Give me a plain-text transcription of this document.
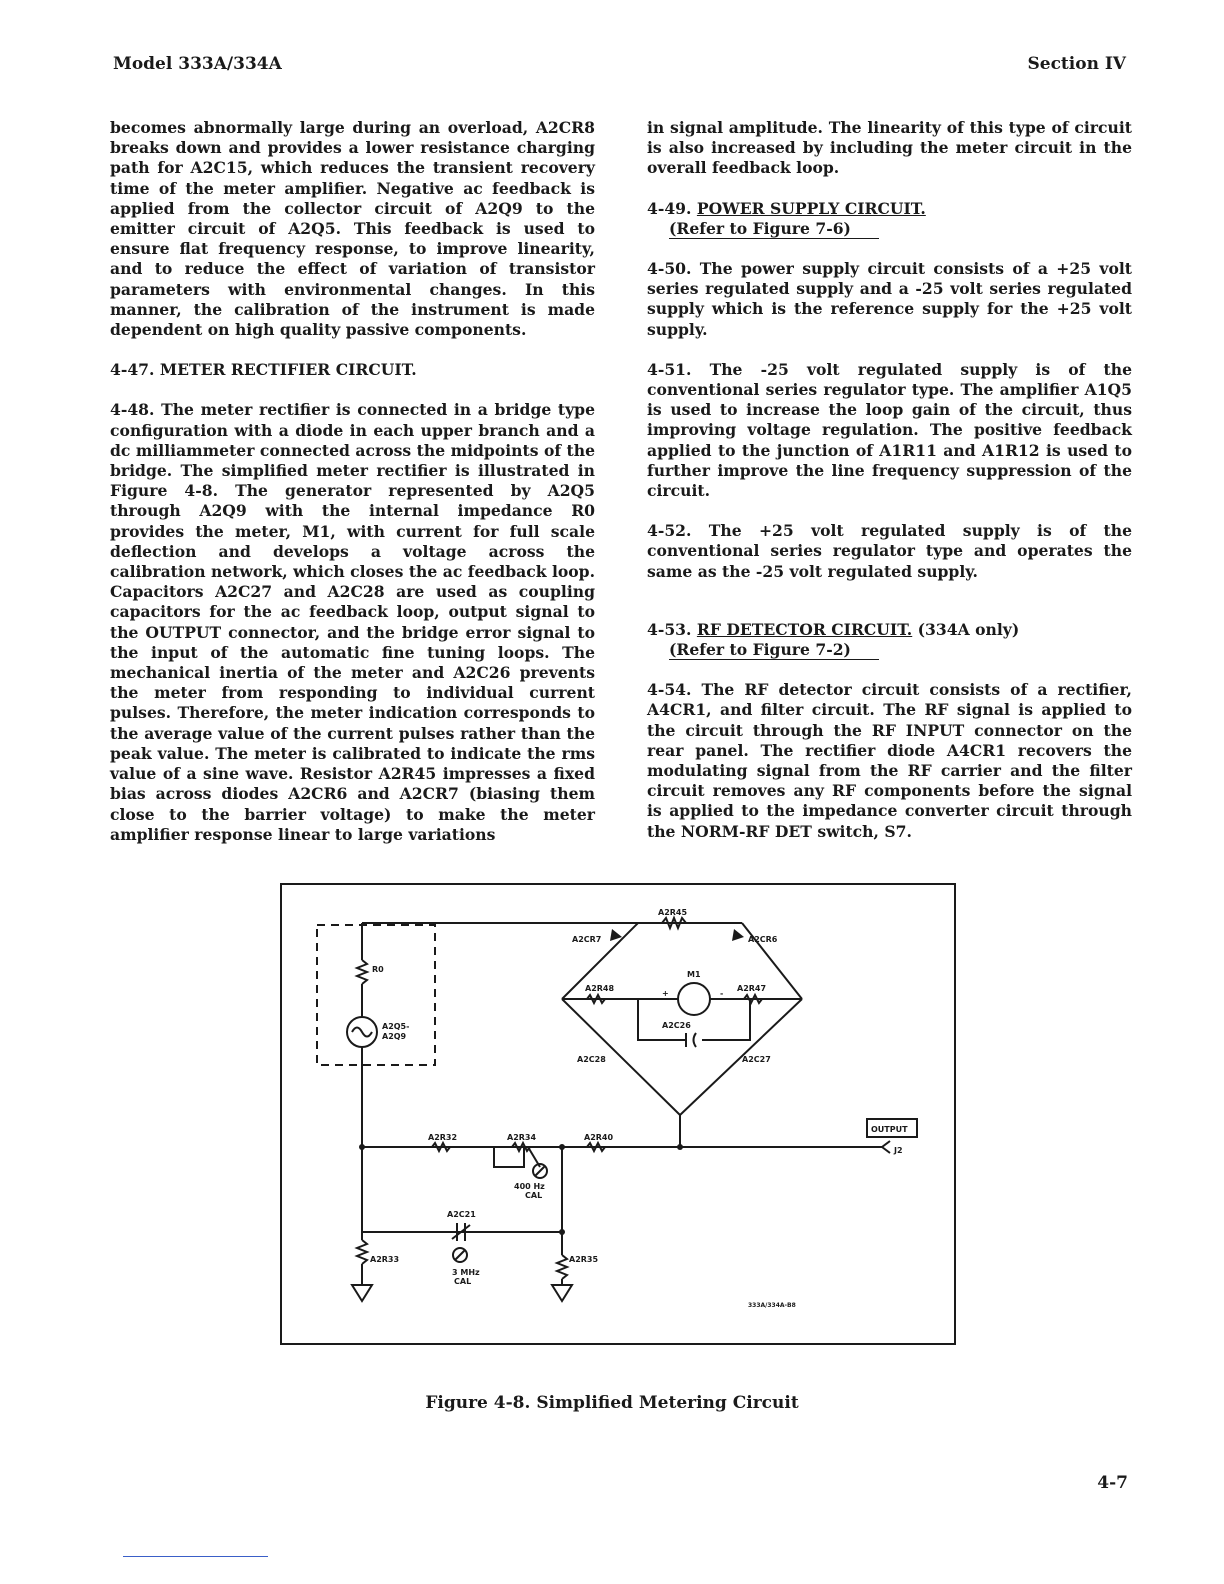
Model 333A/334A	Section IV

becomes abnormally large during an overload, A2CR8 breaks down and provides a lower resistance charging path for A2C15, which reduces the transient recovery time of the meter amplifier. Negative ac feedback is applied from the collector circuit of A2Q9 to the emitter circuit of A2Q5. This feedback is used to ensure flat frequency response, to improve linearity, and to reduce the effect of variation of transistor parameters with environmental changes. In this manner, the calibration of the instrument is made dependent on high quality passive components.

4-47. METER RECTIFIER CIRCUIT.

4-48. The meter rectifier is connected in a bridge type configuration with a diode in each upper branch and a dc milliammeter connected across the midpoints of the bridge. The simplified meter rectifier is illustrated in Figure 4-8. The generator represented by A2Q5 through A2Q9 with the internal impedance R0 provides the meter, M1, with current for full scale deflection and develops a voltage across the calibration network, which closes the ac feedback loop. Capacitors A2C27 and A2C28 are used as coupling capacitors for the ac feedback loop, output signal to the OUTPUT connector, and the bridge error signal to the input of the automatic fine tuning loops. The mechanical inertia of the meter and A2C26 prevents the meter from responding to individual current pulses. Therefore, the meter indication corresponds to the average value of the current pulses rather than the peak value. The meter is calibrated to indicate the rms value of a sine wave. Resistor A2R45 impresses a fixed bias across diodes A2CR6 and A2CR7 (biasing them close to the barrier voltage) to make the meter amplifier response linear to large variations

in signal amplitude. The linearity of this type of circuit is also increased by including the meter circuit in the overall feedback loop.

4-49. POWER SUPPLY CIRCUIT.
(Refer to Figure 7-6)

4-50. The power supply circuit consists of a +25 volt series regulated supply and a -25 volt series regulated supply which is the reference supply for the +25 volt supply.

4-51. The -25 volt regulated supply is of the conventional series regulator type. The amplifier A1Q5 is used to increase the loop gain of the circuit, thus improving voltage regulation. The positive feedback applied to the junction of A1R11 and A1R12 is used to further improve the line frequency suppression of the circuit.

4-52. The +25 volt regulated supply is of the conventional series regulator type and operates the same as the -25 volt regulated supply.

4-53. RF DETECTOR CIRCUIT. (334A only)
(Refer to Figure 7-2)

4-54. The RF detector circuit consists of a rectifier, A4CR1, and filter circuit. The RF signal is applied to the circuit through the RF INPUT connector on the rear panel. The rectifier diode A4CR1 recovers the modulating signal from the RF carrier and the filter circuit removes any RF components before the signal is applied to the impedance converter circuit through the NORM-RF DET switch, S7.

A2R45
A2CR7	A2CR6
M1
A2R48	A2R47
+	-
A2C26
A2C28	A2C27
R0
A2Q5-
A2Q9
OUTPUT
J2
A2R32	A2R34	A2R40
400 Hz
CAL
A2C21
3 MHz
CAL
A2R33	A2R35
333A/334A-B8
Figure 4-8. Simplified Metering Circuit
4-7
